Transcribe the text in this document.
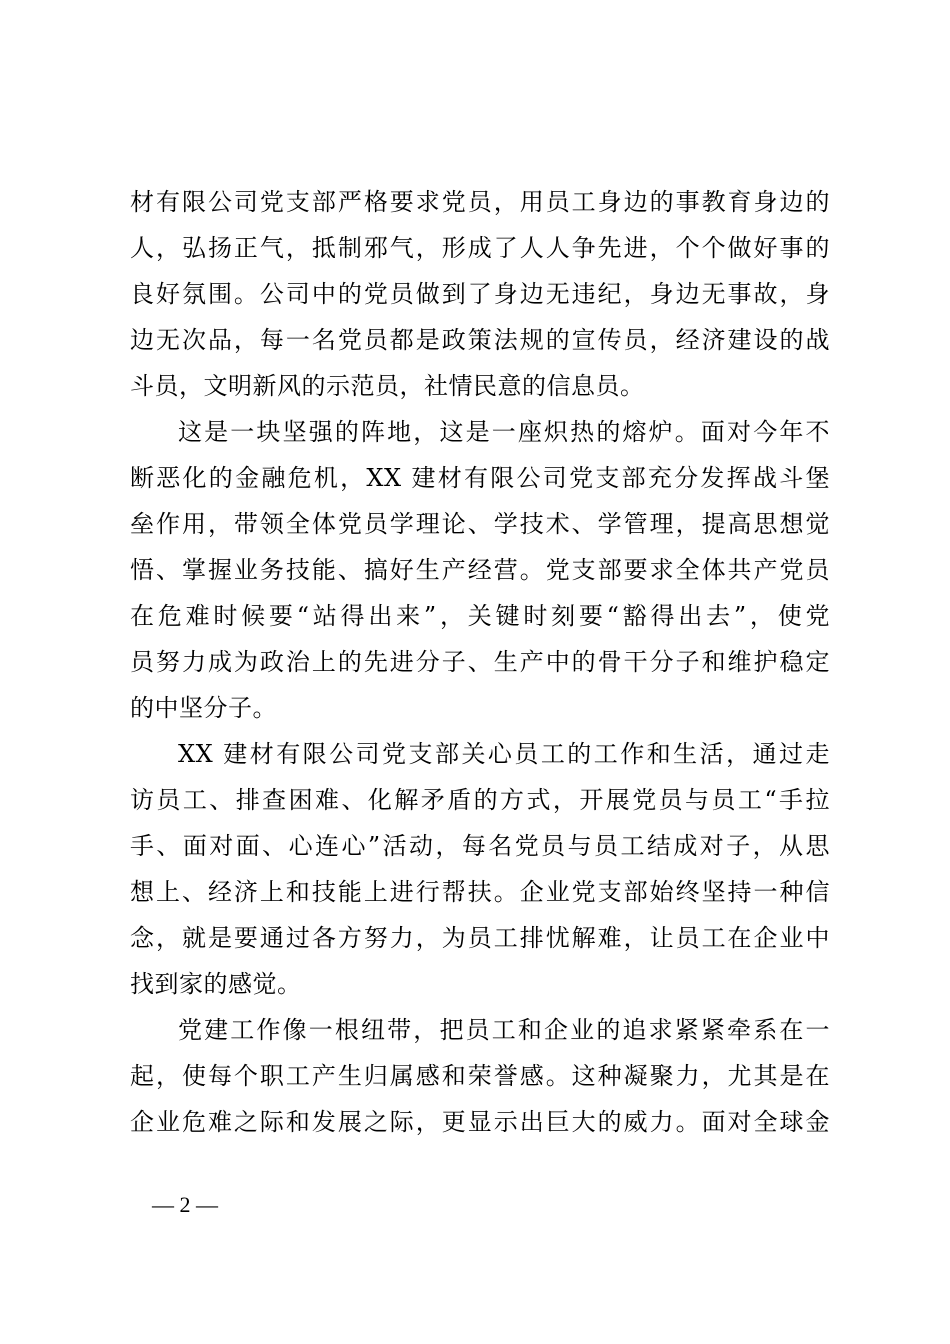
材有限公司党支部严格要求党员，用员工身边的事教育身边的
人，弘扬正气，抵制邪气，形成了人人争先进，个个做好事的
良好氛围。公司中的党员做到了身边无违纪，身边无事故，身
边无次品，每一名党员都是政策法规的宣传员，经济建设的战
斗员，文明新风的示范员，社情民意的信息员。
这是一块坚强的阵地，这是一座炽热的熔炉。面对今年不
断恶化的金融危机，XX 建材有限公司党支部充分发挥战斗堡
垒作用，带领全体党员学理论、学技术、学管理，提高思想觉
悟、掌握业务技能、搞好生产经营。党支部要求全体共产党员
在危难时候要“站得出来”，关键时刻要“豁得出去”，使党
员努力成为政治上的先进分子、生产中的骨干分子和维护稳定
的中坚分子。
XX 建材有限公司党支部关心员工的工作和生活，通过走
访员工、排查困难、化解矛盾的方式，开展党员与员工“手拉
手、面对面、心连心”活动，每名党员与员工结成对子，从思
想上、经济上和技能上进行帮扶。企业党支部始终坚持一种信
念，就是要通过各方努力，为员工排忧解难，让员工在企业中
找到家的感觉。
党建工作像一根纽带，把员工和企业的追求紧紧牵系在一
起，使每个职工产生归属感和荣誉感。这种凝聚力，尤其是在
企业危难之际和发展之际，更显示出巨大的威力。面对全球金
— 2 —
